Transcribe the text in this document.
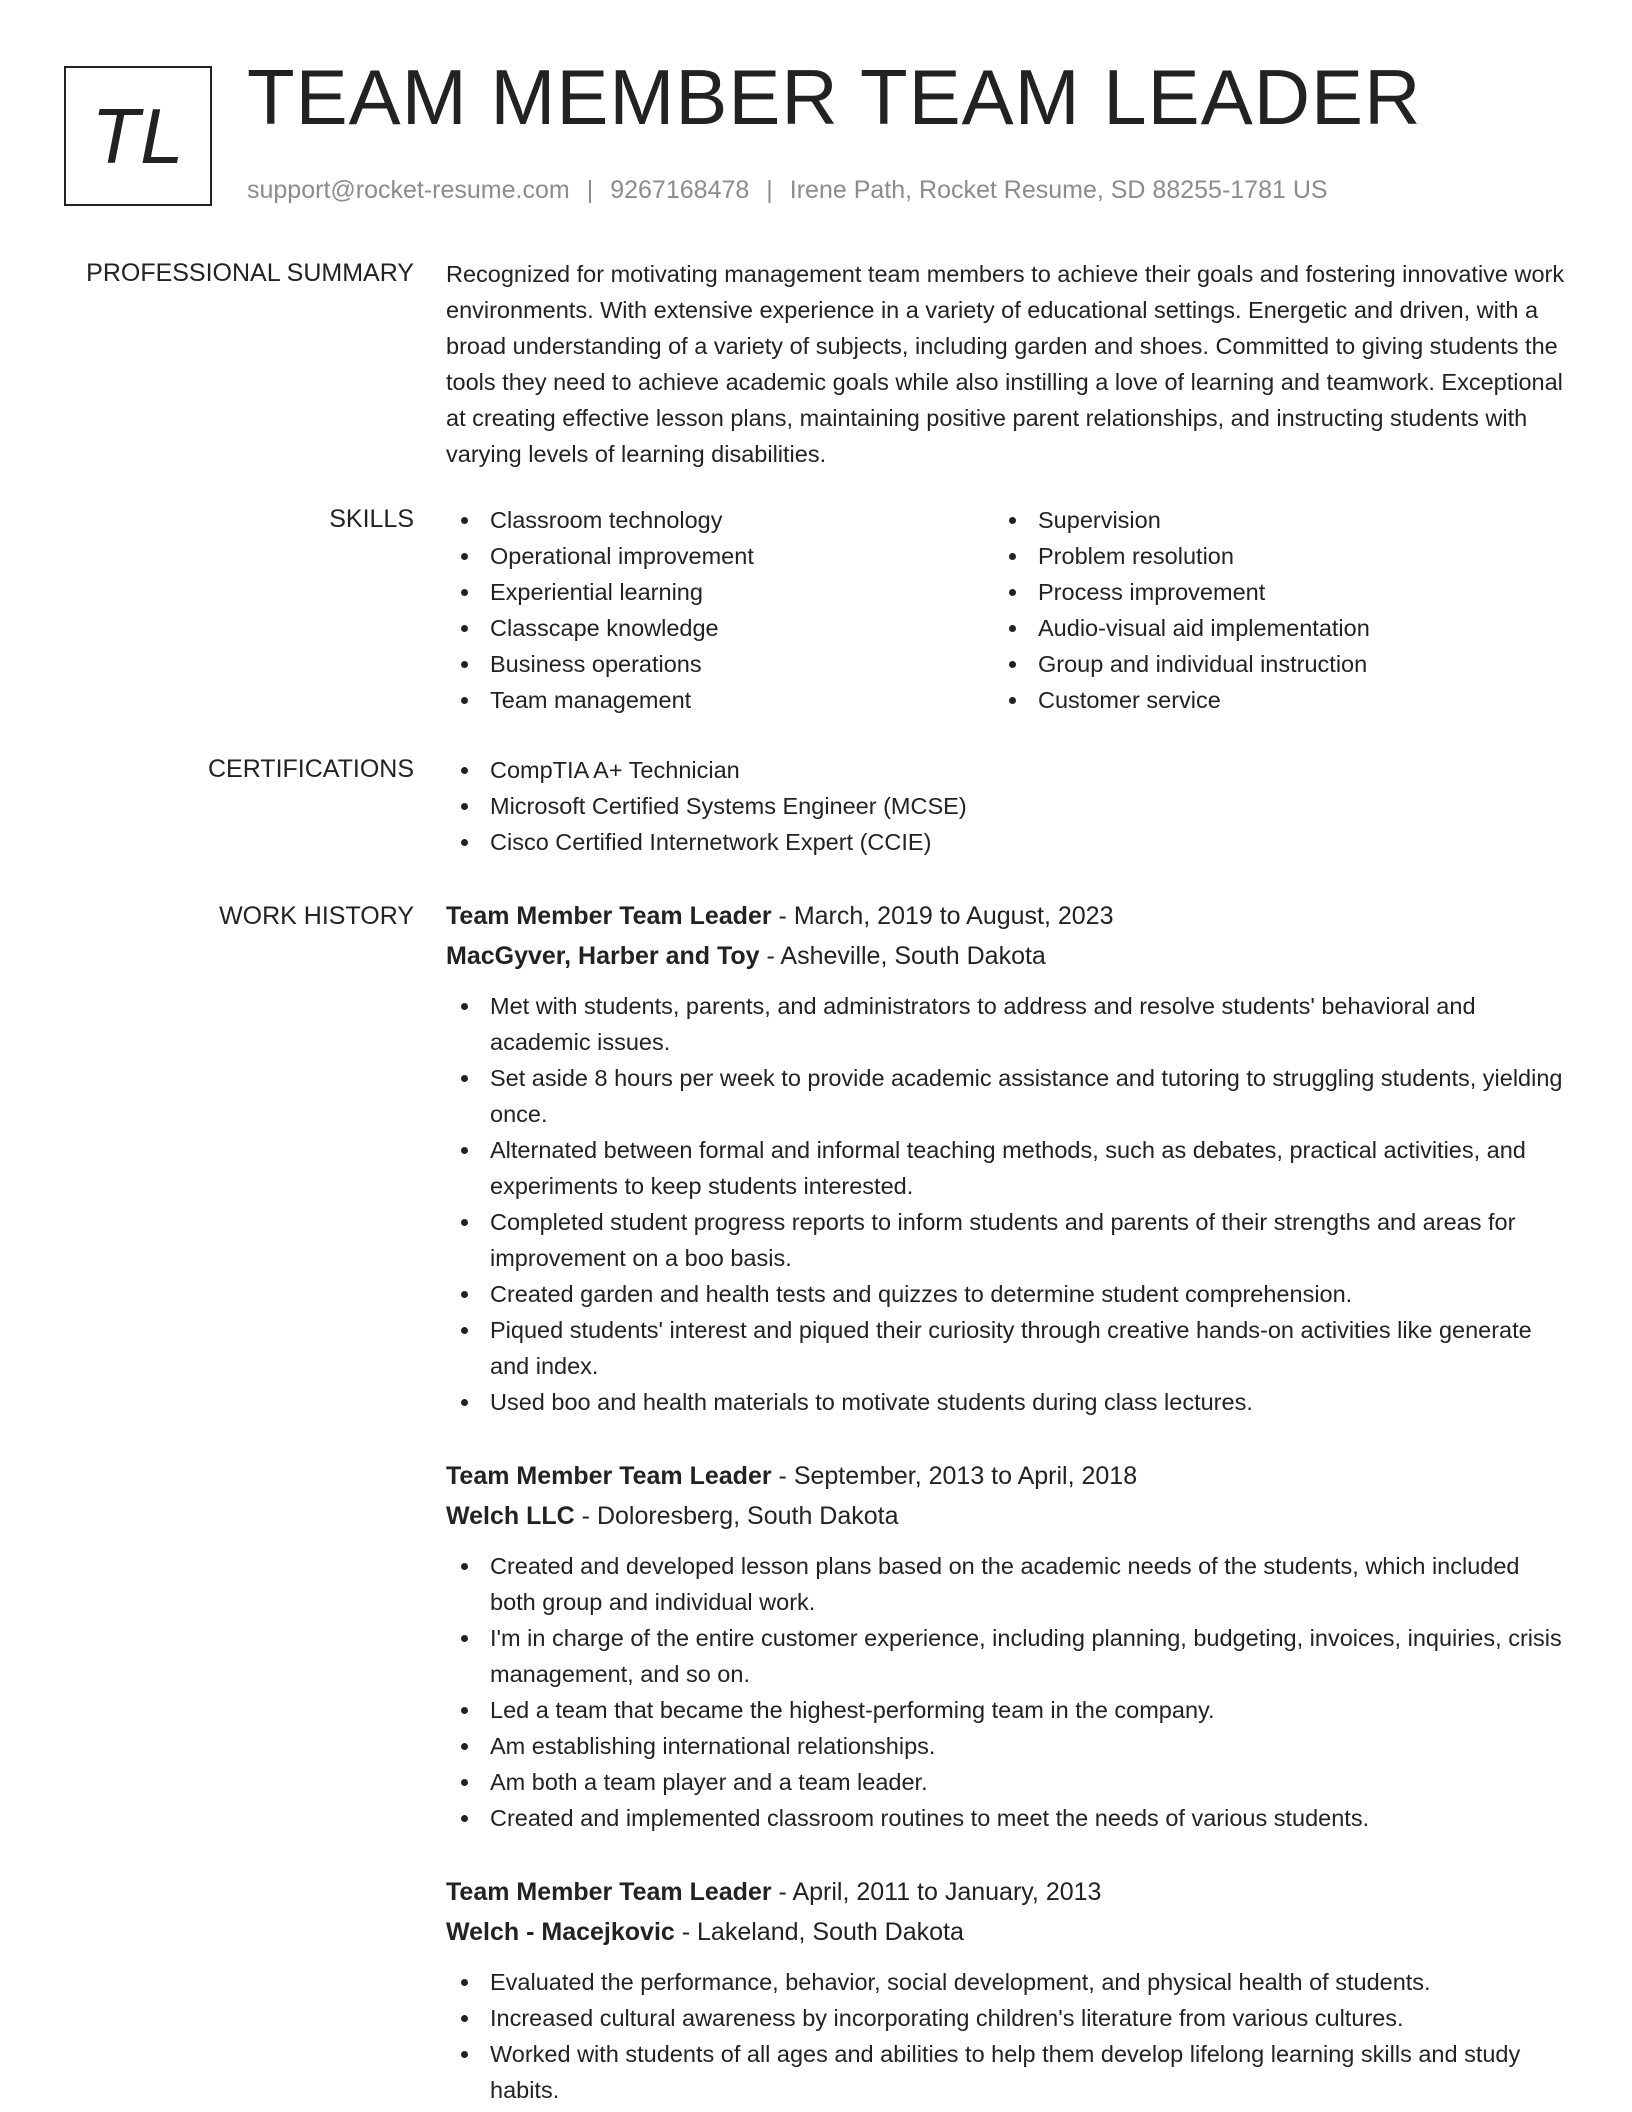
TL TEAM MEMBER TEAM LEADER
support@rocket-resume.com | 9267168478 | Irene Path, Rocket Resume, SD 88255-1781 US
PROFESSIONAL SUMMARY Recognized for motivating management team members to achieve their goals and fostering innovative work environments. With extensive experience in a variety of educational settings. Energetic and driven, with a broad understanding of a variety of subjects, including garden and shoes. Committed to giving students the tools they need to achieve academic goals while also instilling a love of learning and teamwork. Exceptional at creating effective lesson plans, maintaining positive parent relationships, and instructing students with varying levels of learning disabilities.

SKILLS	Classroom technology
Operational improvement
Experiential learning
Classcape knowledge
Business operations
Team management
Supervision
Problem resolution
Process improvement
Audio-visual aid implementation
Group and individual instruction
Customer service
CERTIFICATIONS	CompTIA A+ Technician
Microsoft Certified Systems Engineer (MCSE)
Cisco Certified Internetwork Expert (CCIE)
WORK HISTORY Team Member Team Leader - March, 2019 to August, 2023
MacGyver, Harber and Toy - Asheville, South Dakota
Met with students, parents, and administrators to address and resolve students' behavioral and academic issues.
Set aside 8 hours per week to provide academic assistance and tutoring to struggling students, yielding once.
Alternated between formal and informal teaching methods, such as debates, practical activities, and experiments to keep students interested.
Completed student progress reports to inform students and parents of their strengths and areas for improvement on a boo basis.
Created garden and health tests and quizzes to determine student comprehension.
Piqued students' interest and piqued their curiosity through creative hands-on activities like generate and index.
Used boo and health materials to motivate students during class lectures.
Team Member Team Leader - September, 2013 to April, 2018
Welch LLC - Doloresberg, South Dakota
Created and developed lesson plans based on the academic needs of the students, which included both group and individual work.
I'm in charge of the entire customer experience, including planning, budgeting, invoices, inquiries, crisis management, and so on.
Led a team that became the highest-performing team in the company.
Am establishing international relationships.
Am both a team player and a team leader.
Created and implemented classroom routines to meet the needs of various students.
Team Member Team Leader - April, 2011 to January, 2013
Welch - Macejkovic - Lakeland, South Dakota
Evaluated the performance, behavior, social development, and physical health of students.
Increased cultural awareness by incorporating children's literature from various cultures.
Worked with students of all ages and abilities to help them develop lifelong learning skills and study habits.
